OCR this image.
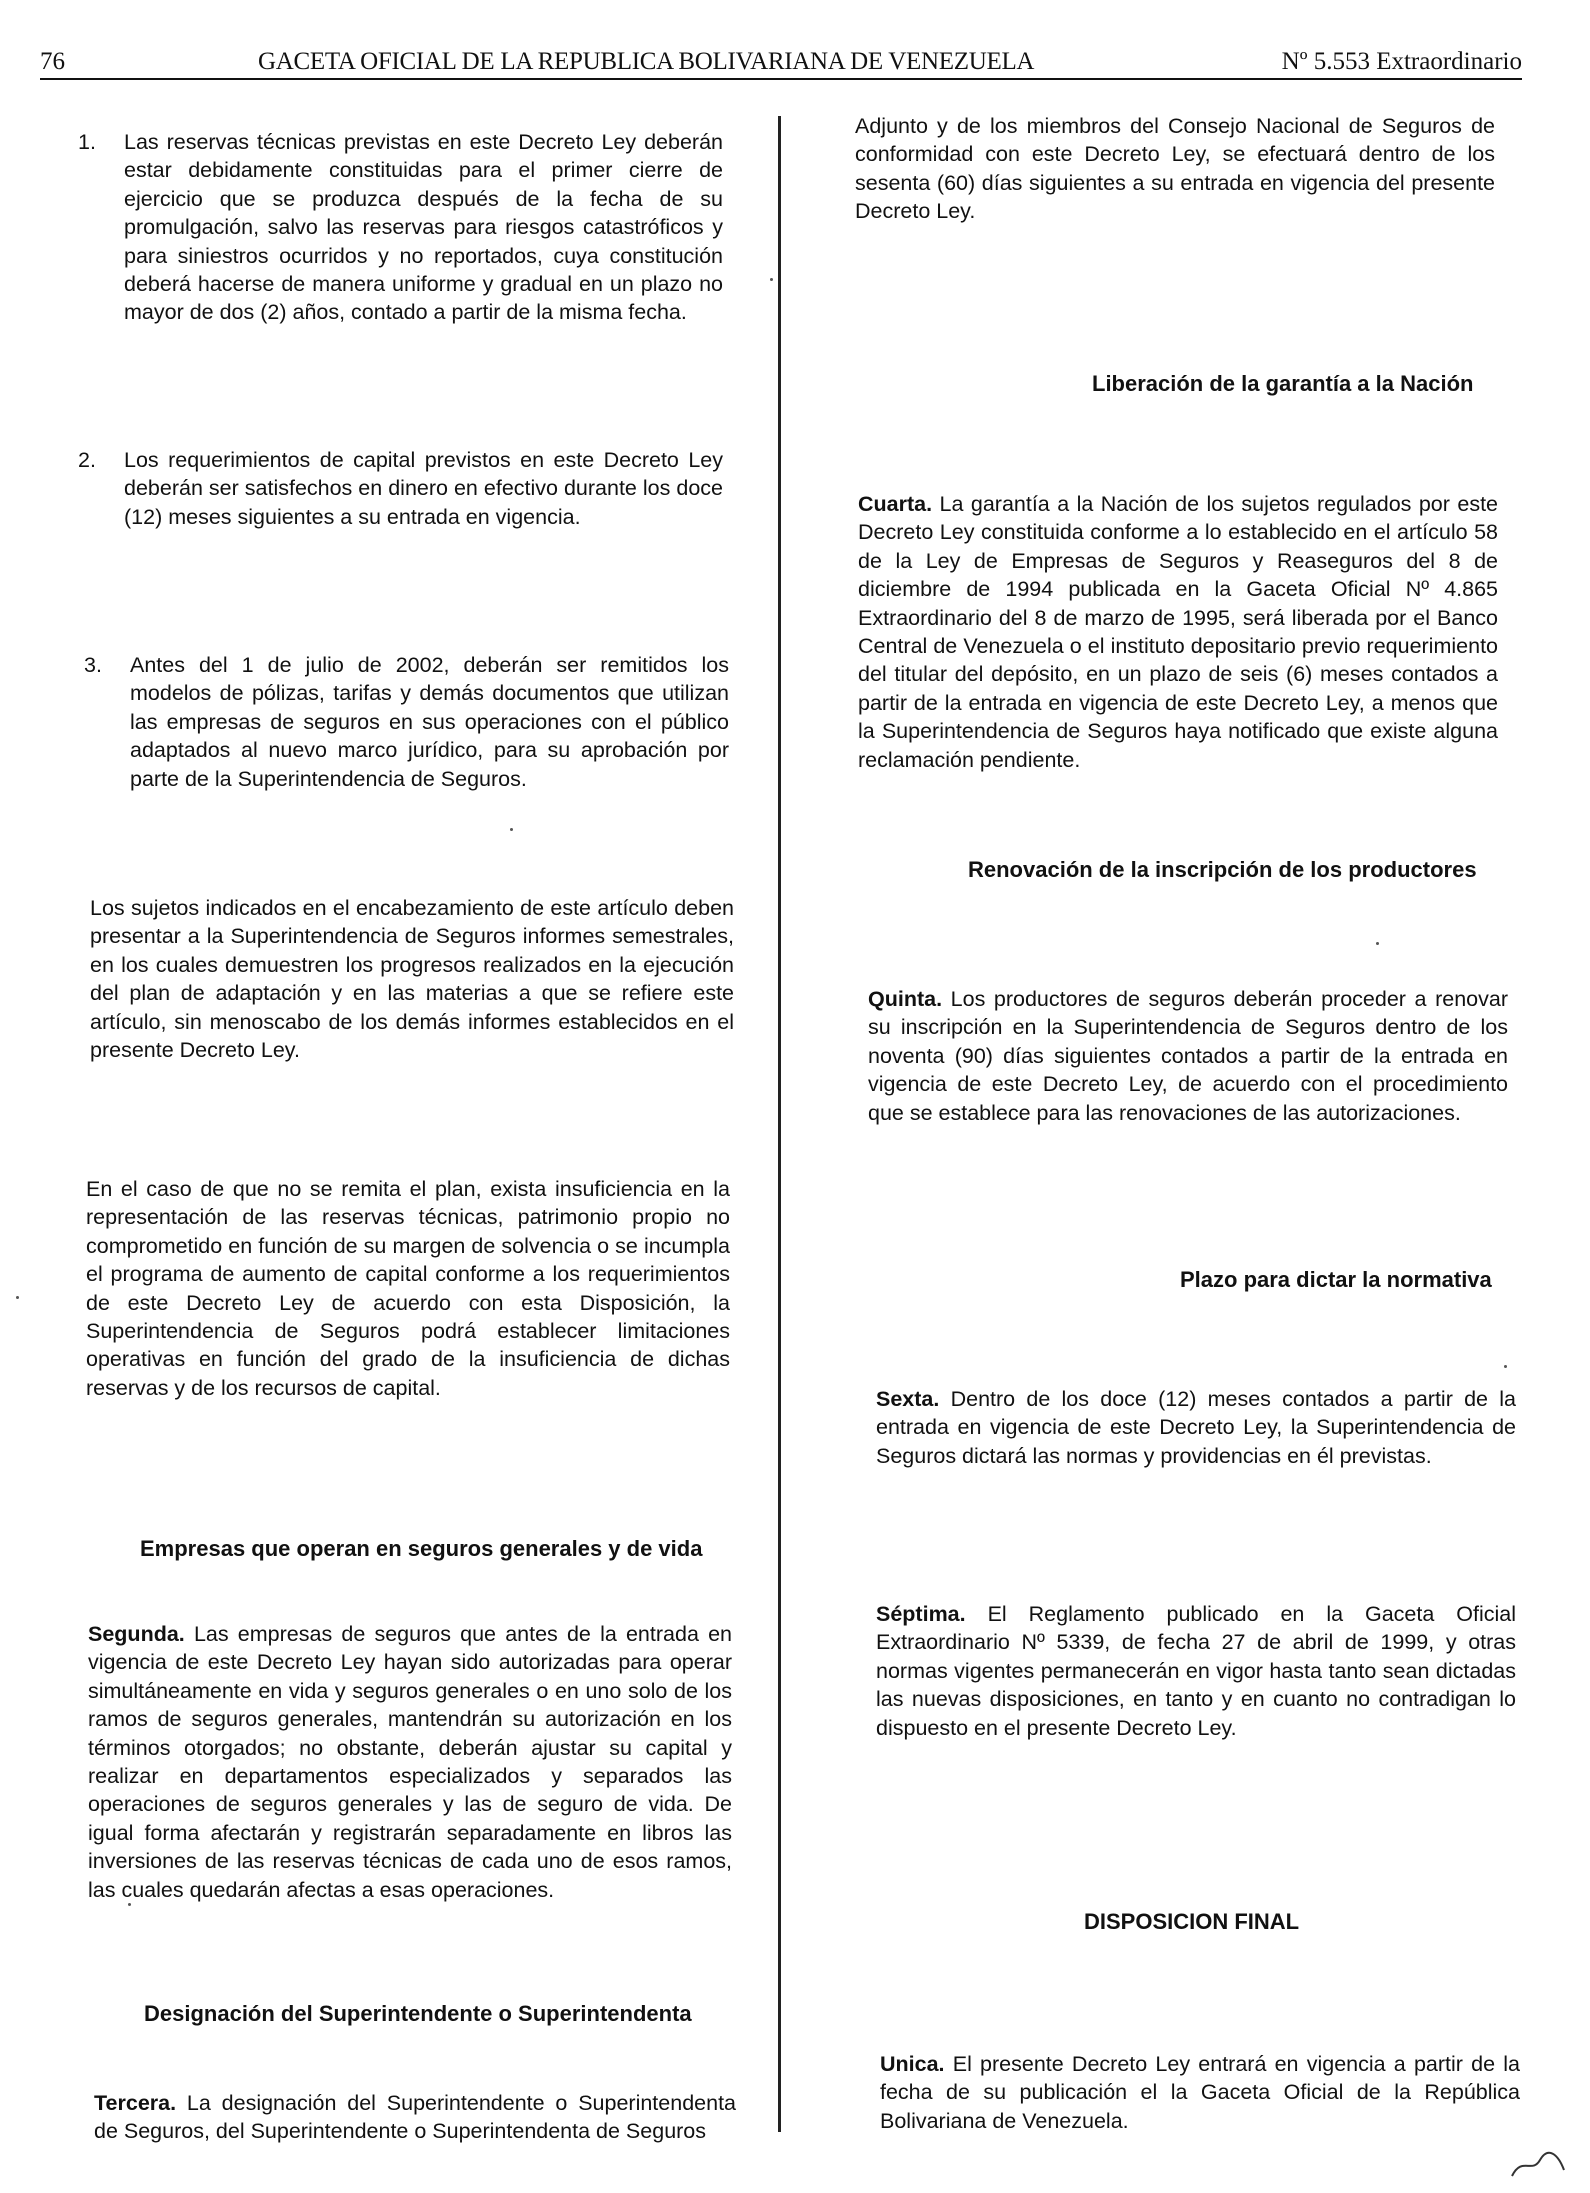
76	GACETA OFICIAL DE LA REPUBLICA BOLIVARIANA DE VENEZUELA	Nº 5.553 Extraordinario
1. Las reservas técnicas previstas en este Decreto Ley deberán estar debidamente constituidas para el primer cierre de ejercicio que se produzca después de la fecha de su promulgación, salvo las reservas para riesgos catastróficos y para siniestros ocurridos y no reportados, cuya constitución deberá hacerse de manera uniforme y gradual en un plazo no mayor de dos (2) años, contado a partir de la misma fecha.
2. Los requerimientos de capital previstos en este Decreto Ley deberán ser satisfechos en dinero en efectivo durante los doce (12) meses siguientes a su entrada en vigencia.
3. Antes del 1 de julio de 2002, deberán ser remitidos los modelos de pólizas, tarifas y demás documentos que utilizan las empresas de seguros en sus operaciones con el público adaptados al nuevo marco jurídico, para su aprobación por parte de la Superintendencia de Seguros.

Los sujetos indicados en el encabezamiento de este artículo deben presentar a la Superintendencia de Seguros informes semestrales, en los cuales demuestren los progresos realizados en la ejecución del plan de adaptación y en las materias a que se refiere este artículo, sin menoscabo de los demás informes establecidos en el presente Decreto Ley.

En el caso de que no se remita el plan, exista insuficiencia en la representación de las reservas técnicas, patrimonio propio no comprometido en función de su margen de solvencia o se incumpla el programa de aumento de capital conforme a los requerimientos de este Decreto Ley de acuerdo con esta Disposición, la Superintendencia de Seguros podrá establecer limitaciones operativas en función del grado de la insuficiencia de dichas reservas y de los recursos de capital.

Empresas que operan en seguros generales y de vida

Segunda. Las empresas de seguros que antes de la entrada en vigencia de este Decreto Ley hayan sido autorizadas para operar simultáneamente en vida y seguros generales o en uno solo de los ramos de seguros generales, mantendrán su autorización en los términos otorgados; no obstante, deberán ajustar su capital y realizar en departamentos especializados y separados las operaciones de seguros generales y las de seguro de vida. De igual forma afectarán y registrarán separadamente en libros las inversiones de las reservas técnicas de cada uno de esos ramos, las cuales quedarán afectas a esas operaciones.

Designación del Superintendente o Superintendenta

Tercera. La designación del Superintendente o Superintendenta de Seguros, del Superintendente o Superintendenta de Seguros

Adjunto y de los miembros del Consejo Nacional de Seguros de conformidad con este Decreto Ley, se efectuará dentro de los sesenta (60) días siguientes a su entrada en vigencia del presente Decreto Ley.

Liberación de la garantía a la Nación

Cuarta. La garantía a la Nación de los sujetos regulados por este Decreto Ley constituida conforme a lo establecido en el artículo 58 de la Ley de Empresas de Seguros y Reaseguros del 8 de diciembre de 1994 publicada en la Gaceta Oficial Nº 4.865 Extraordinario del 8 de marzo de 1995, será liberada por el Banco Central de Venezuela o el instituto depositario previo requerimiento del titular del depósito, en un plazo de seis (6) meses contados a partir de la entrada en vigencia de este Decreto Ley, a menos que la Superintendencia de Seguros haya notificado que existe alguna reclamación pendiente.

Renovación de la inscripción de los productores

Quinta. Los productores de seguros deberán proceder a renovar su inscripción en la Superintendencia de Seguros dentro de los noventa (90) días siguientes contados a partir de la entrada en vigencia de este Decreto Ley, de acuerdo con el procedimiento que se establece para las renovaciones de las autorizaciones.

Plazo para dictar la normativa

Sexta. Dentro de los doce (12) meses contados a partir de la entrada en vigencia de este Decreto Ley, la Superintendencia de Seguros dictará las normas y providencias en él previstas.

Séptima. El Reglamento publicado en la Gaceta Oficial Extraordinario Nº 5339, de fecha 27 de abril de 1999, y otras normas vigentes permanecerán en vigor hasta tanto sean dictadas las nuevas disposiciones, en tanto y en cuanto no contradigan lo dispuesto en el presente Decreto Ley.

DISPOSICION FINAL

Unica. El presente Decreto Ley entrará en vigencia a partir de la fecha de su publicación el la Gaceta Oficial de la República Bolivariana de Venezuela.
